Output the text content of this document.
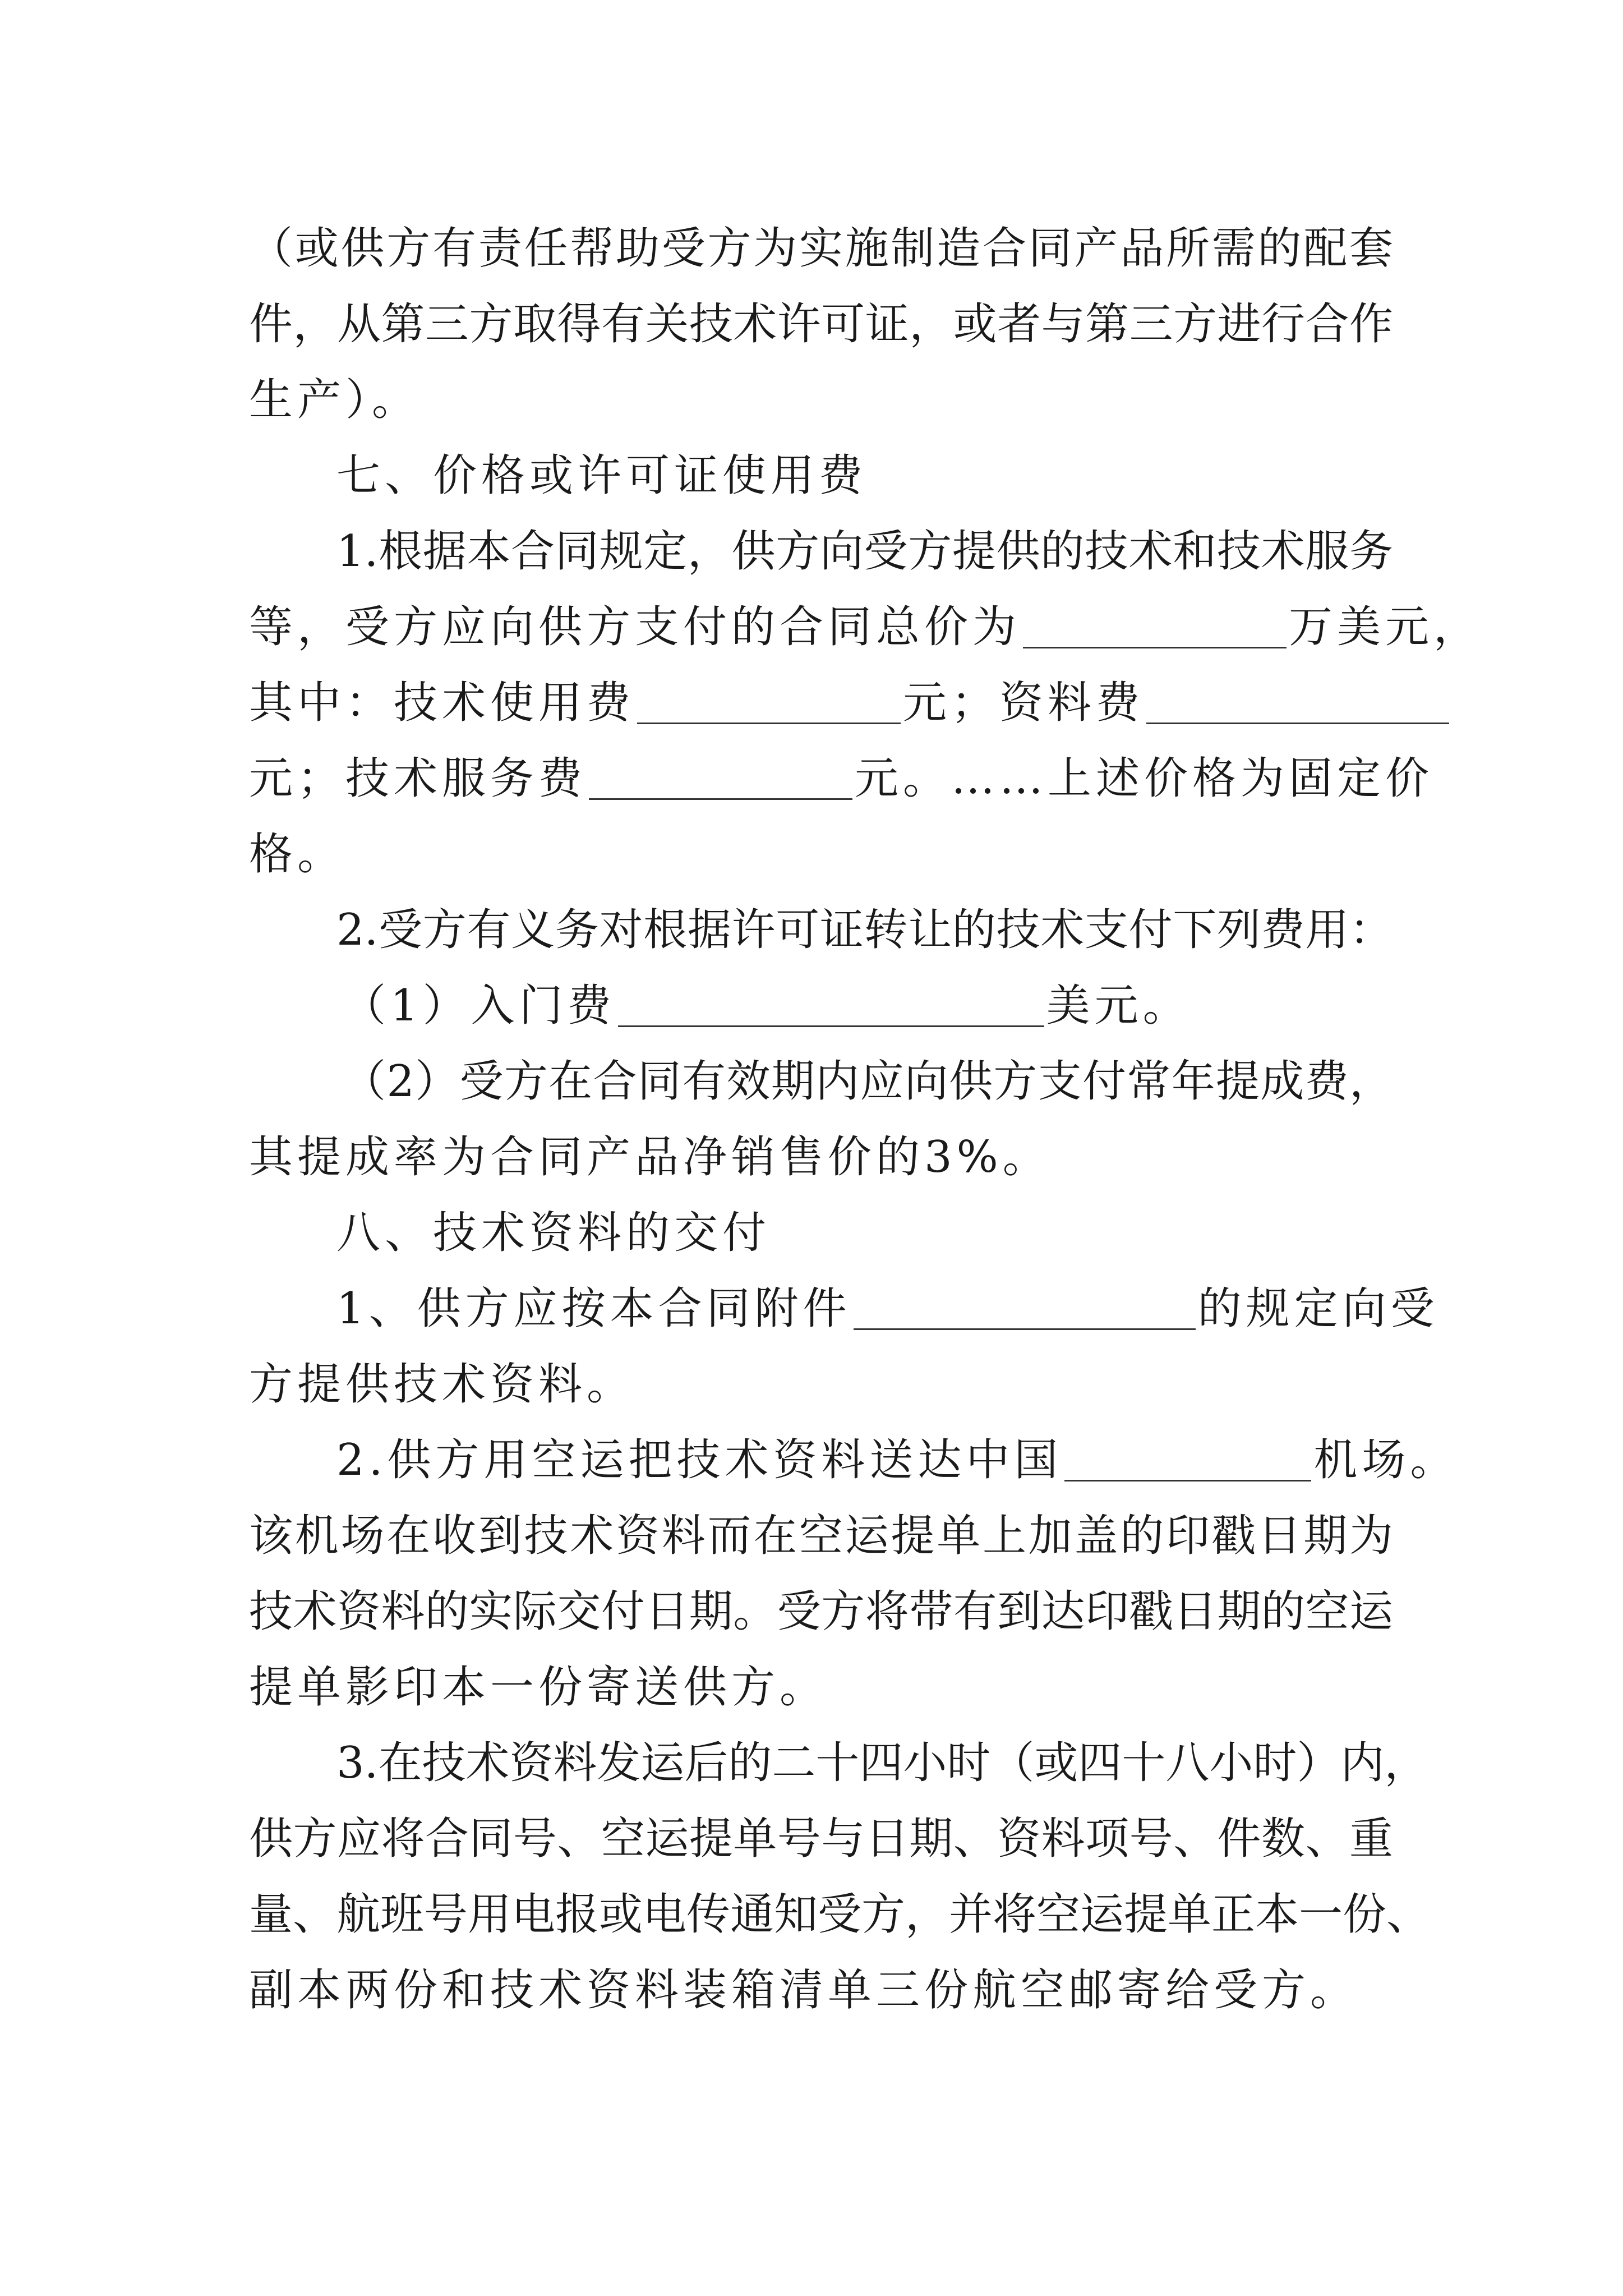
（或供方有责任帮助受方为实施制造合同产品所需的配套
件，从第三方取得有关技术许可证，或者与第三方进行合作
生产）。
七、价格或许可证使用费
1.根据本合同规定，供方向受方提供的技术和技术服务
等，受方应向供方支付的合同总价为	万美元，
其中：技术使用费	元；资料费
元；技术服务费	元。……上述价格为固定价
格。
2.受方有义务对根据许可证转让的技术支付下列费用：
（1）入门费	美元。
（2）受方在合同有效期内应向供方支付常年提成费，
其提成率为合同产品净销售价的3%。
八、技术资料的交付
1、供方应按本合同附件	的规定向受
方提供技术资料。
2.供方用空运把技术资料送达中国	机场。
该机场在收到技术资料而在空运提单上加盖的印戳日期为
技术资料的实际交付日期。受方将带有到达印戳日期的空运
提单影印本一份寄送供方。
3.在技术资料发运后的二十四小时（或四十八小时）内，
供方应将合同号、空运提单号与日期、资料项号、件数、重
量、航班号用电报或电传通知受方，并将空运提单正本一份、
副本两份和技术资料装箱清单三份航空邮寄给受方。
